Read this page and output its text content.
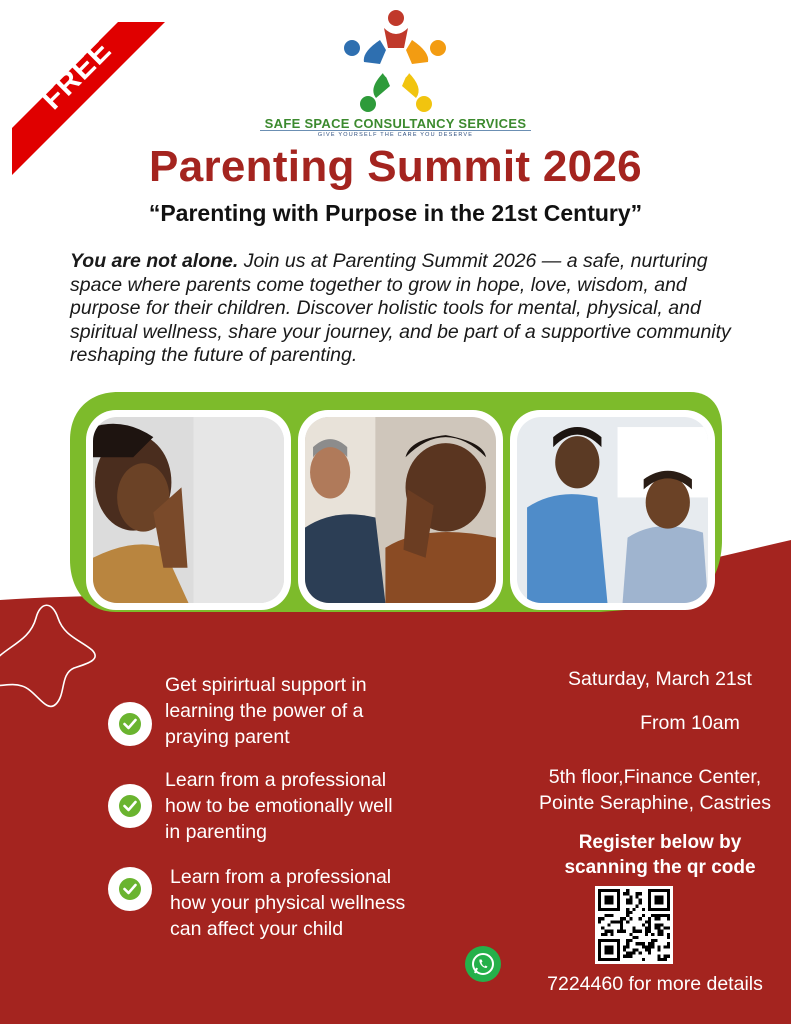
FREE
SAFE SPACE CONSULTANCY SERVICES
GIVE YOURSELF THE CARE YOU DESERVE
Parenting Summit 2026
“Parenting with Purpose in the 21st Century”
You are not alone. Join us at Parenting Summit 2026 — a safe, nurturing space where parents come together to grow in hope, love, wisdom, and purpose for their children. Discover holistic tools for mental, physical, and spiritual wellness, share your journey, and be part of a supportive community reshaping the future of parenting.
Get spirirtual support in
learning the power of a
praying parent
Learn from a professional
how to be emotionally well
in parenting
Learn from a professional
how your physical wellness
can affect your child
Saturday, March 21st
From 10am
5th floor,Finance Center,
Pointe Seraphine, Castries
Register below by
scanning the qr code
7224460 for more details
